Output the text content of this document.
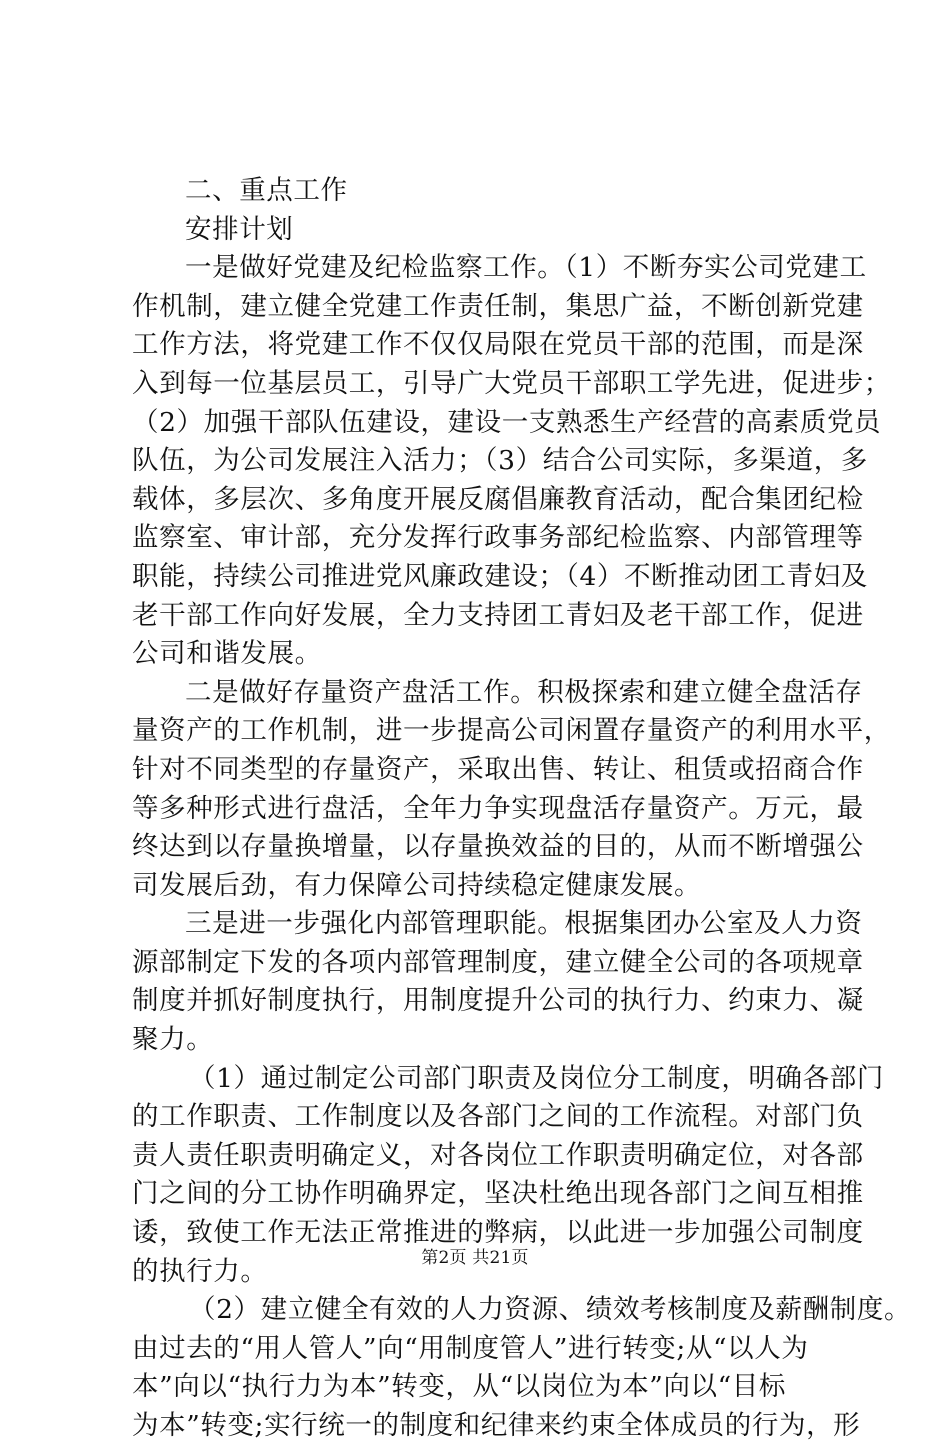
二、重点工作
安排计划
一是做好党建及纪检监察工作。（1）不断夯实公司党建工
作机制，建立健全党建工作责任制，集思广益，不断创新党建
工作方法，将党建工作不仅仅局限在党员干部的范围，而是深
入到每一位基层员工，引导广大党员干部职工学先进，促进步；
（2）加强干部队伍建设，建设一支熟悉生产经营的高素质党员
队伍，为公司发展注入活力；（3）结合公司实际，多渠道，多
载体，多层次、多角度开展反腐倡廉教育活动，配合集团纪检
监察室、审计部，充分发挥行政事务部纪检监察、内部管理等
职能，持续公司推进党风廉政建设；（4）不断推动团工青妇及
老干部工作向好发展，全力支持团工青妇及老干部工作，促进
公司和谐发展。
二是做好存量资产盘活工作。积极探索和建立健全盘活存
量资产的工作机制，进一步提高公司闲置存量资产的利用水平，
针对不同类型的存量资产，采取出售、转让、租赁或招商合作
等多种形式进行盘活，全年力争实现盘活存量资产。万元，最
终达到以存量换增量，以存量换效益的目的，从而不断增强公
司发展后劲，有力保障公司持续稳定健康发展。
三是进一步强化内部管理职能。根据集团办公室及人力资
源部制定下发的各项内部管理制度，建立健全公司的各项规章
制度并抓好制度执行，用制度提升公司的执行力、约束力、凝
聚力。
（1）通过制定公司部门职责及岗位分工制度，明确各部门
的工作职责、工作制度以及各部门之间的工作流程。对部门负
责人责任职责明确定义，对各岗位工作职责明确定位，对各部
门之间的分工协作明确界定，坚决杜绝出现各部门之间互相推
诿，致使工作无法正常推进的弊病，以此进一步加强公司制度
的执行力。
（2）建立健全有效的人力资源、绩效考核制度及薪酬制度。
由过去的“用人管人”向“用制度管人”进行转变;从“以人为
本”向以“执行力为本”转变，从“以岗位为本”向以“目标
为本”转变;实行统一的制度和纪律来约束全体成员的行为，形
第2页 共21页
